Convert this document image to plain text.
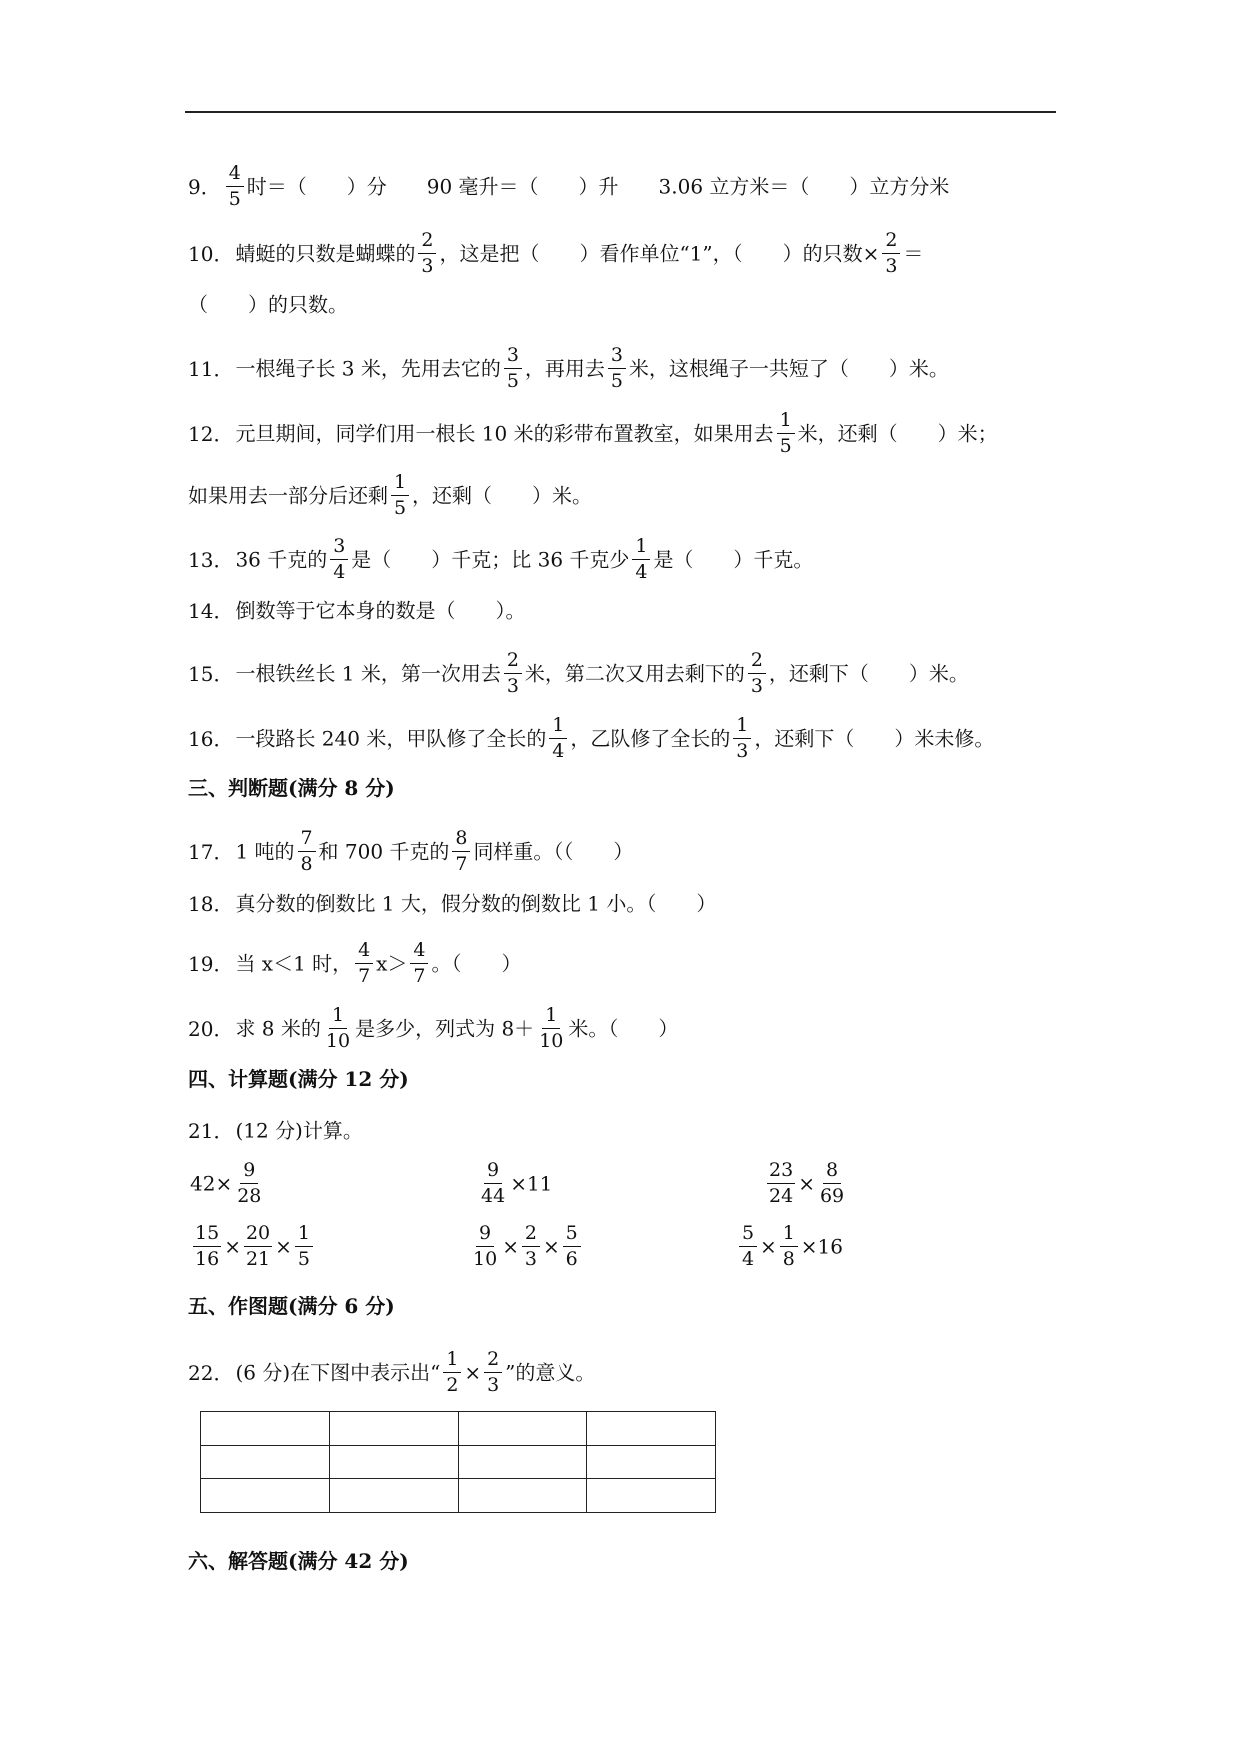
9． $\frac{4}{5}$ 时＝（　　）分　　90 毫升＝（　　）升　　3.06 立方米＝（　　）立方分米
10． 蜻蜓的只数是蝴蝶的 $\frac{2}{3}$ ，这是把（　　）看作单位“1”，（　　）的只数× $\frac{2}{3}$ ＝
（　　）的只数。
11． 一根绳子长 3 米，先用去它的 $\frac{3}{5}$ ，再用去 $\frac{3}{5}$ 米，这根绳子一共短了（　　）米。
12． 元旦期间，同学们用一根长 10 米的彩带布置教室，如果用去 $\frac{1}{5}$ 米，还剩（　　）米；
如果用去一部分后还剩 $\frac{1}{5}$ ，还剩（　　）米。
13． 36 千克的 $\frac{3}{4}$ 是（　　）千克；比 36 千克少 $\frac{1}{4}$ 是（　　）千克。
14． 倒数等于它本身的数是（　　）。
15． 一根铁丝长 1 米，第一次用去 $\frac{2}{3}$ 米，第二次又用去剩下的 $\frac{2}{3}$ ，还剩下（　　）米。
16． 一段路长 240 米，甲队修了全长的 $\frac{1}{4}$ ，乙队修了全长的 $\frac{1}{3}$ ，还剩下（　　）米未修。
三、判断题(满分 8 分)
17． 1 吨的 $\frac{7}{8}$ 和 700 千克的 $\frac{8}{7}$ 同样重。（（　　）
18． 真分数的倒数比 1 大，假分数的倒数比 1 小。（　　）
19． 当 x＜1 时， $\frac{4}{7} x> \frac{4}{7}$ 。（　　）
20． 求 8 米的 $\frac{1}{10}$ 是多少，列式为 $8+ \frac{1}{10}$ 米。（　　）
四、计算题(满分 12 分)
21． (12 分)计算。
$42\times \frac{9}{28}$	$\frac{9}{44} \times 11$	$\frac{23}{24} \times \frac{8}{69}$
$\frac{15}{16} \times \frac{20}{21} \times \frac{1}{5}$	$\frac{9}{10} \times \frac{2}{3} \times \frac{5}{6}$	$\frac{5}{4} \times \frac{1}{8} \times 16$
五、作图题(满分 6 分)
22． (6 分)在下图中表示出“ $\frac{1}{2} \times \frac{2}{3}$ ”的意义。

六、解答题(满分 42 分)
